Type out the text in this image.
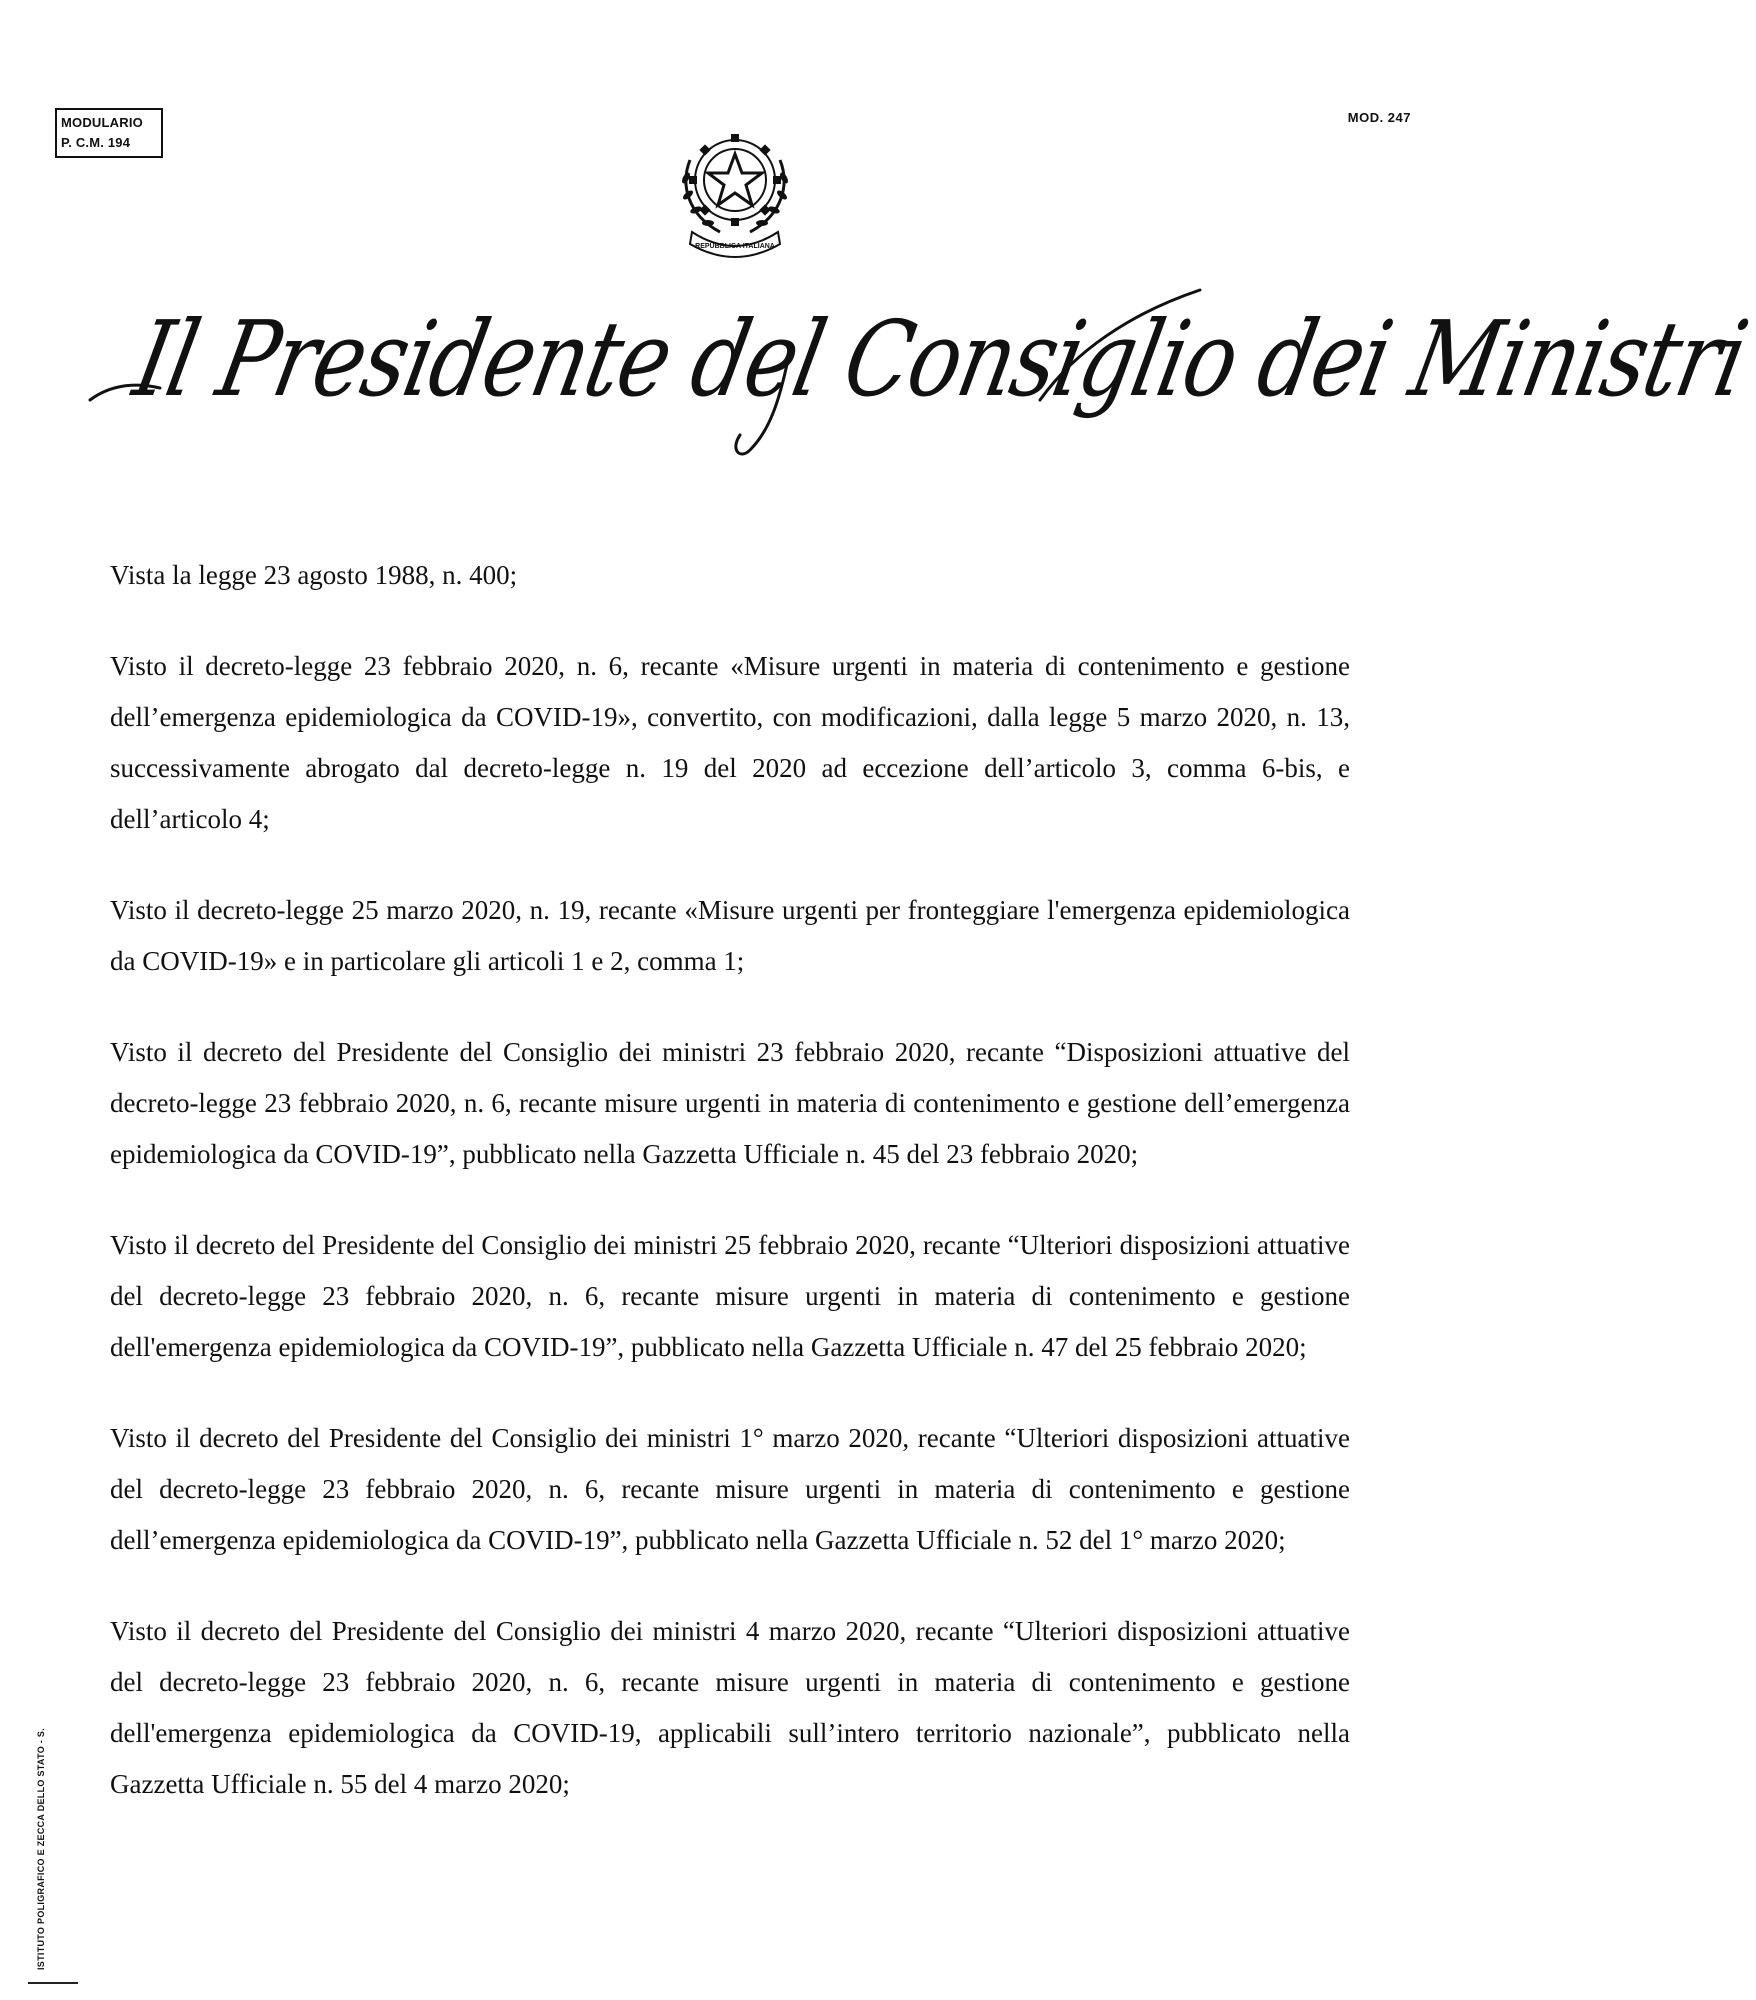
MODULARIO
P. C.M. 194
MOD. 247
REPUBBLICA ITALIANA
Il Presidente del Consiglio dei Ministri

Vista la legge 23 agosto 1988, n. 400;

Visto il decreto-legge 23 febbraio 2020, n. 6, recante «Misure urgenti in materia di contenimento e gestione dell’emergenza epidemiologica da COVID-19», convertito, con modificazioni, dalla legge 5 marzo 2020, n. 13, successivamente abrogato dal decreto-legge n. 19 del 2020 ad eccezione dell’articolo 3, comma 6-bis, e dell’articolo 4;

Visto il decreto-legge 25 marzo 2020, n. 19, recante «Misure urgenti per fronteggiare l'emergenza epidemiologica da COVID-19» e in particolare gli articoli 1 e 2, comma 1;

Visto il decreto del Presidente del Consiglio dei ministri 23 febbraio 2020, recante “Disposizioni attuative del decreto-legge 23 febbraio 2020, n. 6, recante misure urgenti in materia di contenimento e gestione dell’emergenza epidemiologica da COVID-19”, pubblicato nella Gazzetta Ufficiale n. 45 del 23 febbraio 2020;

Visto il decreto del Presidente del Consiglio dei ministri 25 febbraio 2020, recante “Ulteriori disposizioni attuative del decreto-legge 23 febbraio 2020, n. 6, recante misure urgenti in materia di contenimento e gestione dell'emergenza epidemiologica da COVID-19”, pubblicato nella Gazzetta Ufficiale n. 47 del 25 febbraio 2020;

Visto il decreto del Presidente del Consiglio dei ministri 1° marzo 2020, recante “Ulteriori disposizioni attuative del decreto-legge 23 febbraio 2020, n. 6, recante misure urgenti in materia di contenimento e gestione dell’emergenza epidemiologica da COVID-19”, pubblicato nella Gazzetta Ufficiale n. 52 del 1° marzo 2020;

Visto il decreto del Presidente del Consiglio dei ministri 4 marzo 2020, recante “Ulteriori disposizioni attuative del decreto-legge 23 febbraio 2020, n. 6, recante misure urgenti in materia di contenimento e gestione dell'emergenza epidemiologica da COVID-19, applicabili sull’intero territorio nazionale”, pubblicato nella Gazzetta Ufficiale n. 55 del 4 marzo 2020;

ISTITUTO POLIGRAFICO E ZECCA DELLO STATO - S.
